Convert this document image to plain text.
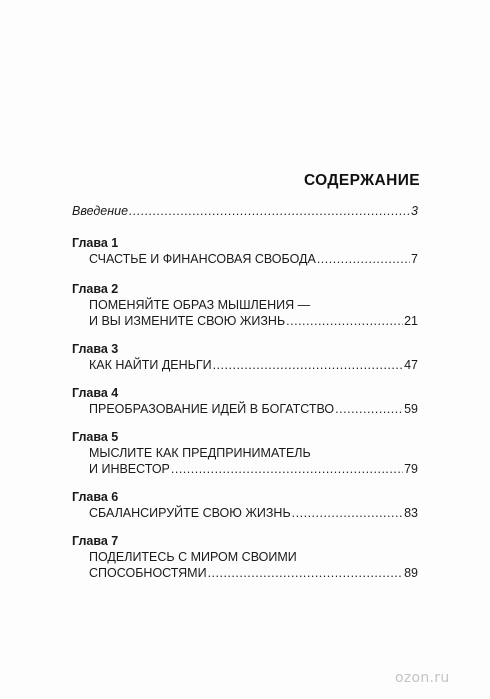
СОДЕРЖАНИЕ
Введение .....	3
Глава 1
СЧАСТЬЕ И ФИНАНСОВАЯ СВОБОДА .....	7
Глава 2
ПОМЕНЯЙТЕ ОБРАЗ МЫШЛЕНИЯ —
И ВЫ ИЗМЕНИТЕ СВОЮ ЖИЗНЬ .....	21
Глава 3
КАК НАЙТИ ДЕНЬГИ .....	47
Глава 4
ПРЕОБРАЗОВАНИЕ ИДЕЙ В БОГАТСТВО .....	59
Глава 5
МЫСЛИТЕ КАК ПРЕДПРИНИМАТЕЛЬ
И ИНВЕСТОР .....	79
Глава 6
СБАЛАНСИРУЙТЕ СВОЮ ЖИЗНЬ .....	83
Глава 7
ПОДЕЛИТЕСЬ С МИРОМ СВОИМИ
СПОСОБНОСТЯМИ .....	89
ozon.ru
